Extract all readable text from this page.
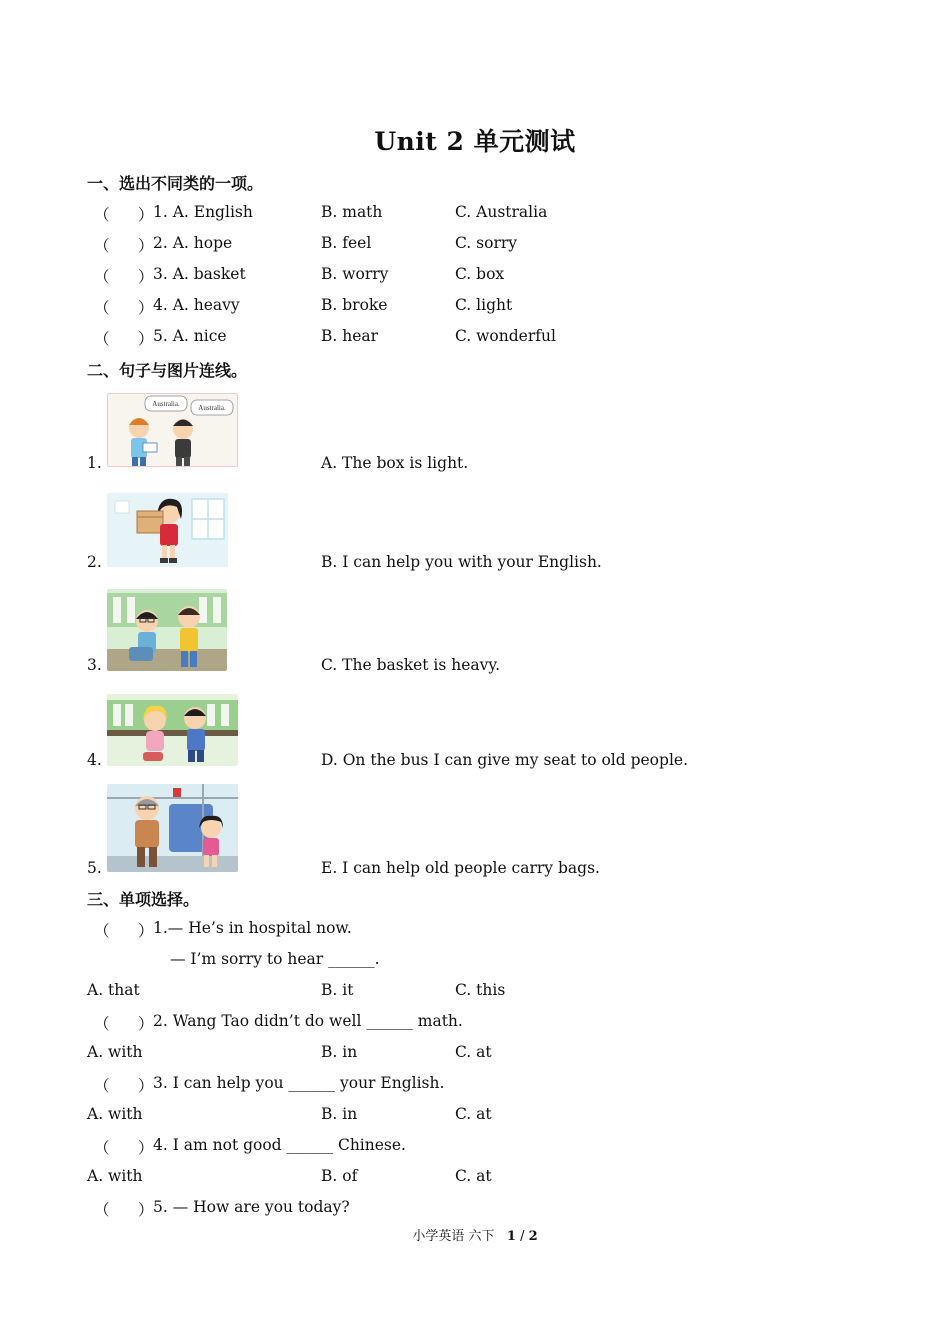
Unit 2 单元测试
一、选出不同类的一项。
（ ） 1. A. English	B. math	C. Australia
（ ） 2. A. hope	B. feel	C. sorry
（ ） 3. A. basket	B. worry	C. box
（ ） 4. A. heavy	B. broke	C. light
（ ） 5. A. nice	B. hear	C. wonderful
二、句子与图片连线。
Australia.	Australia.
1.	A. The box is light.
2.	B. I can help you with your English.
3.	C. The basket is heavy.
4.	D. On the bus I can give my seat to old people.
5.	E. I can help old people carry bags.
三、单项选择。
（ ） 1.— He’s in hospital now.
— I’m sorry to hear ______.
A. that	B. it	C. this
（ ） 2. Wang Tao didn’t do well ______ math.
A. with	B. in	C. at
（ ） 3. I can help you ______ your English.
A. with	B. in	C. at
（ ） 4. I am not good ______ Chinese.
A. with	B. of	C. at
（ ） 5. — How are you today?
小学英语 六下 1 / 2
